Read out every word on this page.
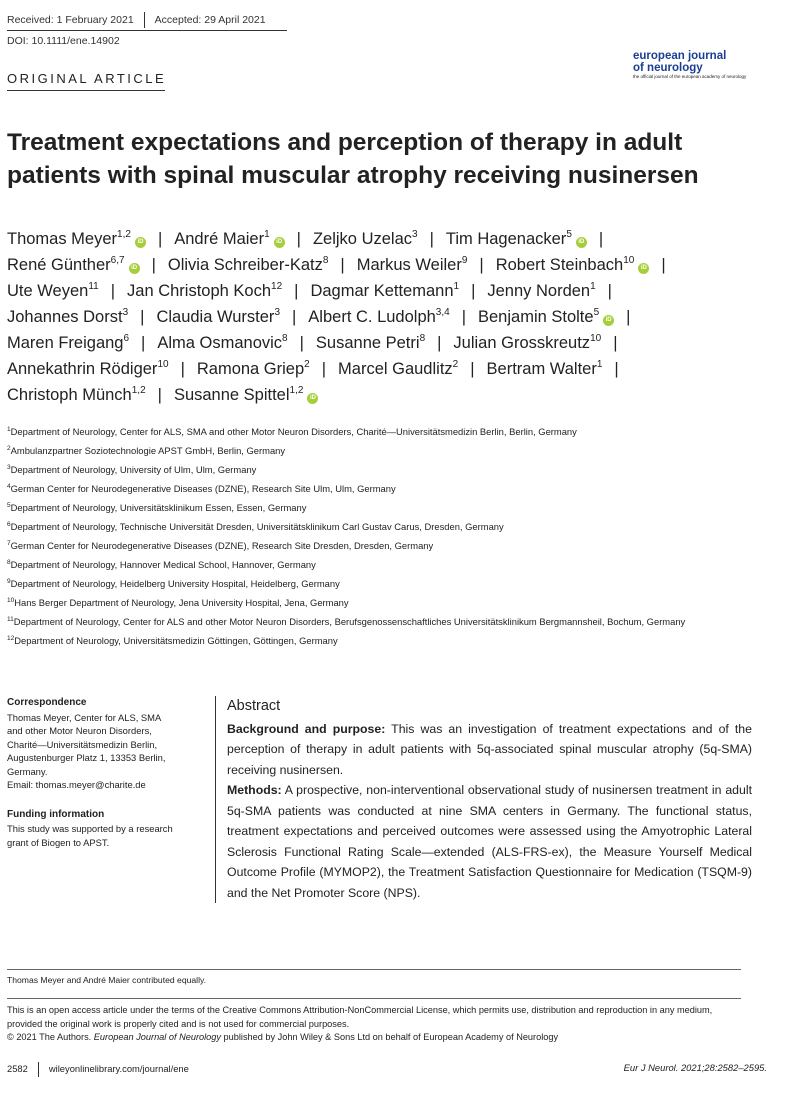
Received: 1 February 2021 Accepted: 29 April 2021
DOI: 10.1111/ene.14902
ORIGINAL ARTICLE
european journal
of neurology
the official journal of the european academy of neurology
Treatment expectations and perception of therapy in adult patients with spinal muscular atrophy receiving nusinersen
Thomas Meyer$^{1,2}$iD | André Maier$^1$iD | Zeljko Uzelac$^3$ | Tim Hagenacker$^5$iD |
René Günther$^{6,7}$iD | Olivia Schreiber-Katz$^8$ | Markus Weiler$^9$ | Robert Steinbach$^{10}$iD |
Ute Weyen$^{11}$ | Jan Christoph Koch$^{12}$ | Dagmar Kettemann$^1$ | Jenny Norden$^1$ |
Johannes Dorst$^3$ | Claudia Wurster$^3$ | Albert C. Ludolph$^{3,4}$ | Benjamin Stolte$^5$iD |
Maren Freigang$^6$ | Alma Osmanovic$^8$ | Susanne Petri$^8$ | Julian Grosskreutz$^{10}$ |
Annekathrin Rödiger$^{10}$ | Ramona Griep$^2$ | Marcel Gaudlitz$^2$ | Bertram Walter$^1$ |
Christoph Münch$^{1,2}$ | Susanne Spittel$^{1,2}$iD
$^1$Department of Neurology, Center for ALS, SMA and other Motor Neuron Disorders, Charité—Universitätsmedizin Berlin, Berlin, Germany
$^2$Ambulanzpartner Soziotechnologie APST GmbH, Berlin, Germany
$^3$Department of Neurology, University of Ulm, Ulm, Germany
$^4$German Center for Neurodegenerative Diseases (DZNE), Research Site Ulm, Ulm, Germany
$^5$Department of Neurology, Universitätsklinikum Essen, Essen, Germany
$^6$Department of Neurology, Technische Universität Dresden, Universitätsklinikum Carl Gustav Carus, Dresden, Germany
$^7$German Center for Neurodegenerative Diseases (DZNE), Research Site Dresden, Dresden, Germany
$^8$Department of Neurology, Hannover Medical School, Hannover, Germany
$^9$Department of Neurology, Heidelberg University Hospital, Heidelberg, Germany
$^{10}$Hans Berger Department of Neurology, Jena University Hospital, Jena, Germany
$^{11}$Department of Neurology, Center for ALS and other Motor Neuron Disorders, Berufsgenossenschaftliches Universitätsklinikum Bergmannsheil, Bochum, Germany
$^{12}$Department of Neurology, Universitätsmedizin Göttingen, Göttingen, Germany
Correspondence
Thomas Meyer, Center for ALS, SMA
and other Motor Neuron Disorders,
Charité—Universitätsmedizin Berlin,
Augustenburger Platz 1, 13353 Berlin,
Germany.
Email: thomas.meyer@charite.de
Funding information
This study was supported by a research
grant of Biogen to APST.
Abstract

Background and purpose: This was an investigation of treatment expectations and of the perception of therapy in adult patients with 5q-associated spinal muscular atrophy (5q-SMA) receiving nusinersen.

Methods: A prospective, non-interventional observational study of nusinersen treatment in adult 5q-SMA patients was conducted at nine SMA centers in Germany. The functional status, treatment expectations and perceived outcomes were assessed using the Amyotrophic Lateral Sclerosis Functional Rating Scale—extended (ALS-FRS-ex), the Measure Yourself Medical Outcome Profile (MYMOP2), the Treatment Satisfaction Questionnaire for Medication (TSQM-9) and the Net Promoter Score (NPS).

Thomas Meyer and André Maier contributed equally.
This is an open access article under the terms of the Creative Commons Attribution-NonCommercial License, which permits use, distribution and reproduction in any medium, provided the original work is properly cited and is not used for commercial purposes.
© 2021 The Authors. European Journal of Neurology published by John Wiley & Sons Ltd on behalf of European Academy of Neurology
2582 wileyonlinelibrary.com/journal/ene	Eur J Neurol. 2021;28:2582–2595.
